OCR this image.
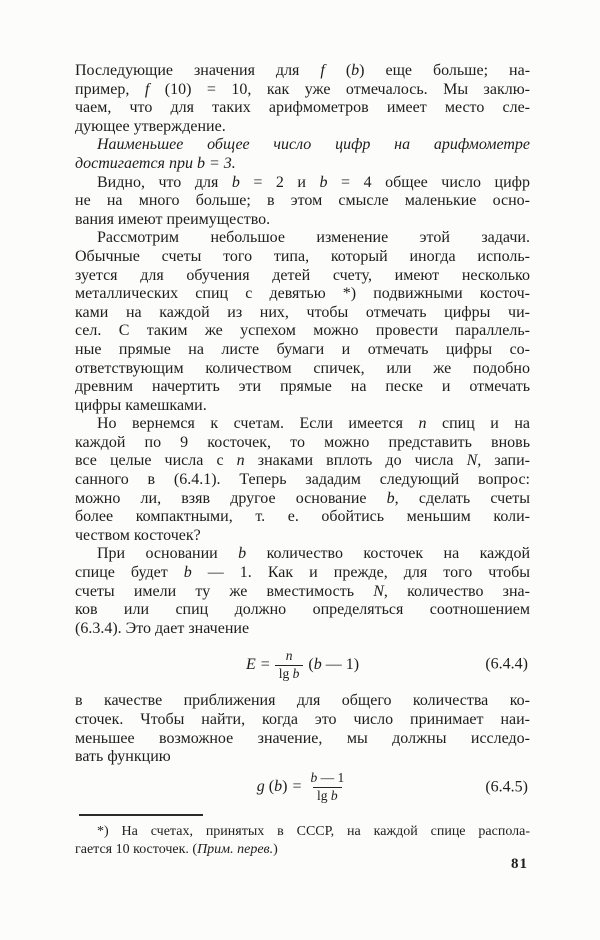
Последующие значения для f (b) еще больше; на-
пример, f (10) = 10, как уже отмечалось. Мы заклю-
чаем, что для таких арифмометров имеет место сле-
дующее утверждение.
Наименьшее общее число цифр на арифмометре
достигается при b = 3.
Видно, что для b = 2 и b = 4 общее число цифр
не на много больше; в этом смысле маленькие осно-
вания имеют преимущество.
Рассмотрим небольшое изменение этой задачи.
Обычные счеты того типа, который иногда исполь-
зуется для обучения детей счету, имеют несколько
металлических спиц с девятью *) подвижными косточ-
ками на каждой из них, чтобы отмечать цифры чи-
сел. С таким же успехом можно провести параллель-
ные прямые на листе бумаги и отмечать цифры со-
ответствующим количеством спичек, или же подобно
древним начертить эти прямые на песке и отмечать
цифры камешками.
Но вернемся к счетам. Если имеется n спиц и на
каждой по 9 косточек, то можно представить вновь
все целые числа с n знаками вплоть до числа N, запи-
санного в (6.4.1). Теперь зададим следующий вопрос:
можно ли, взяв другое основание b, сделать счеты
более компактными, т. е. обойтись меньшим коли-
чеством косточек?
При основании b количество косточек на каждой
спице будет b — 1. Как и прежде, для того чтобы
счеты имели ту же вместимость N, количество зна-
ков или спиц должно определяться соотношением
(6.3.4). Это дает значение
$E = \frac{n}{\text{lg b}} (b$ — 1)	(6.4.4)
в качестве приближения для общего количества ко-
сточек. Чтобы найти, когда это число принимает наи-
меньшее возможное значение, мы должны исследо-
вать функцию
g $(b) = \frac{b — 1}{\text{lg b}}$	(6.4.5)
*) На счетах, принятых в СССР, на каждой спице распола-
гается 10 косточек. (Прим. перев.)
81
